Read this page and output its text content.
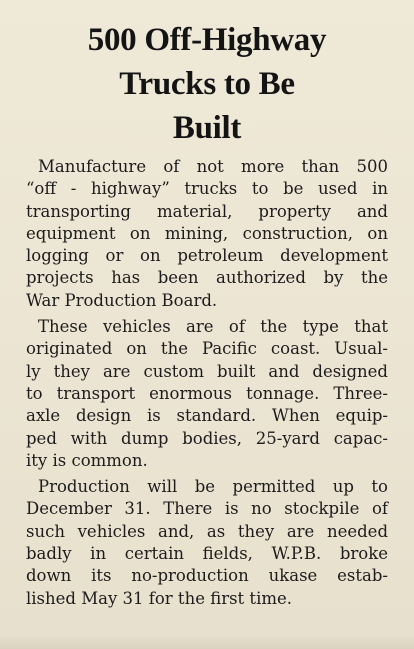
500 Off-Highway
Trucks to Be
Built

Manufacture of not more than 500
“off - highway” trucks to be used in
transporting material, property and
equipment on mining, construction, on
logging or on petroleum development
projects has been authorized by the
War Production Board.

These vehicles are of the type that
originated on the Pacific coast. Usual-
ly they are custom built and designed
to transport enormous tonnage. Three-
axle design is standard. When equip-
ped with dump bodies, 25-yard capac-
ity is common.

Production will be permitted up to
December 31. There is no stockpile of
such vehicles and, as they are needed
badly in certain fields, W.P.B. broke
down its no-production ukase estab-
lished May 31 for the first time.
